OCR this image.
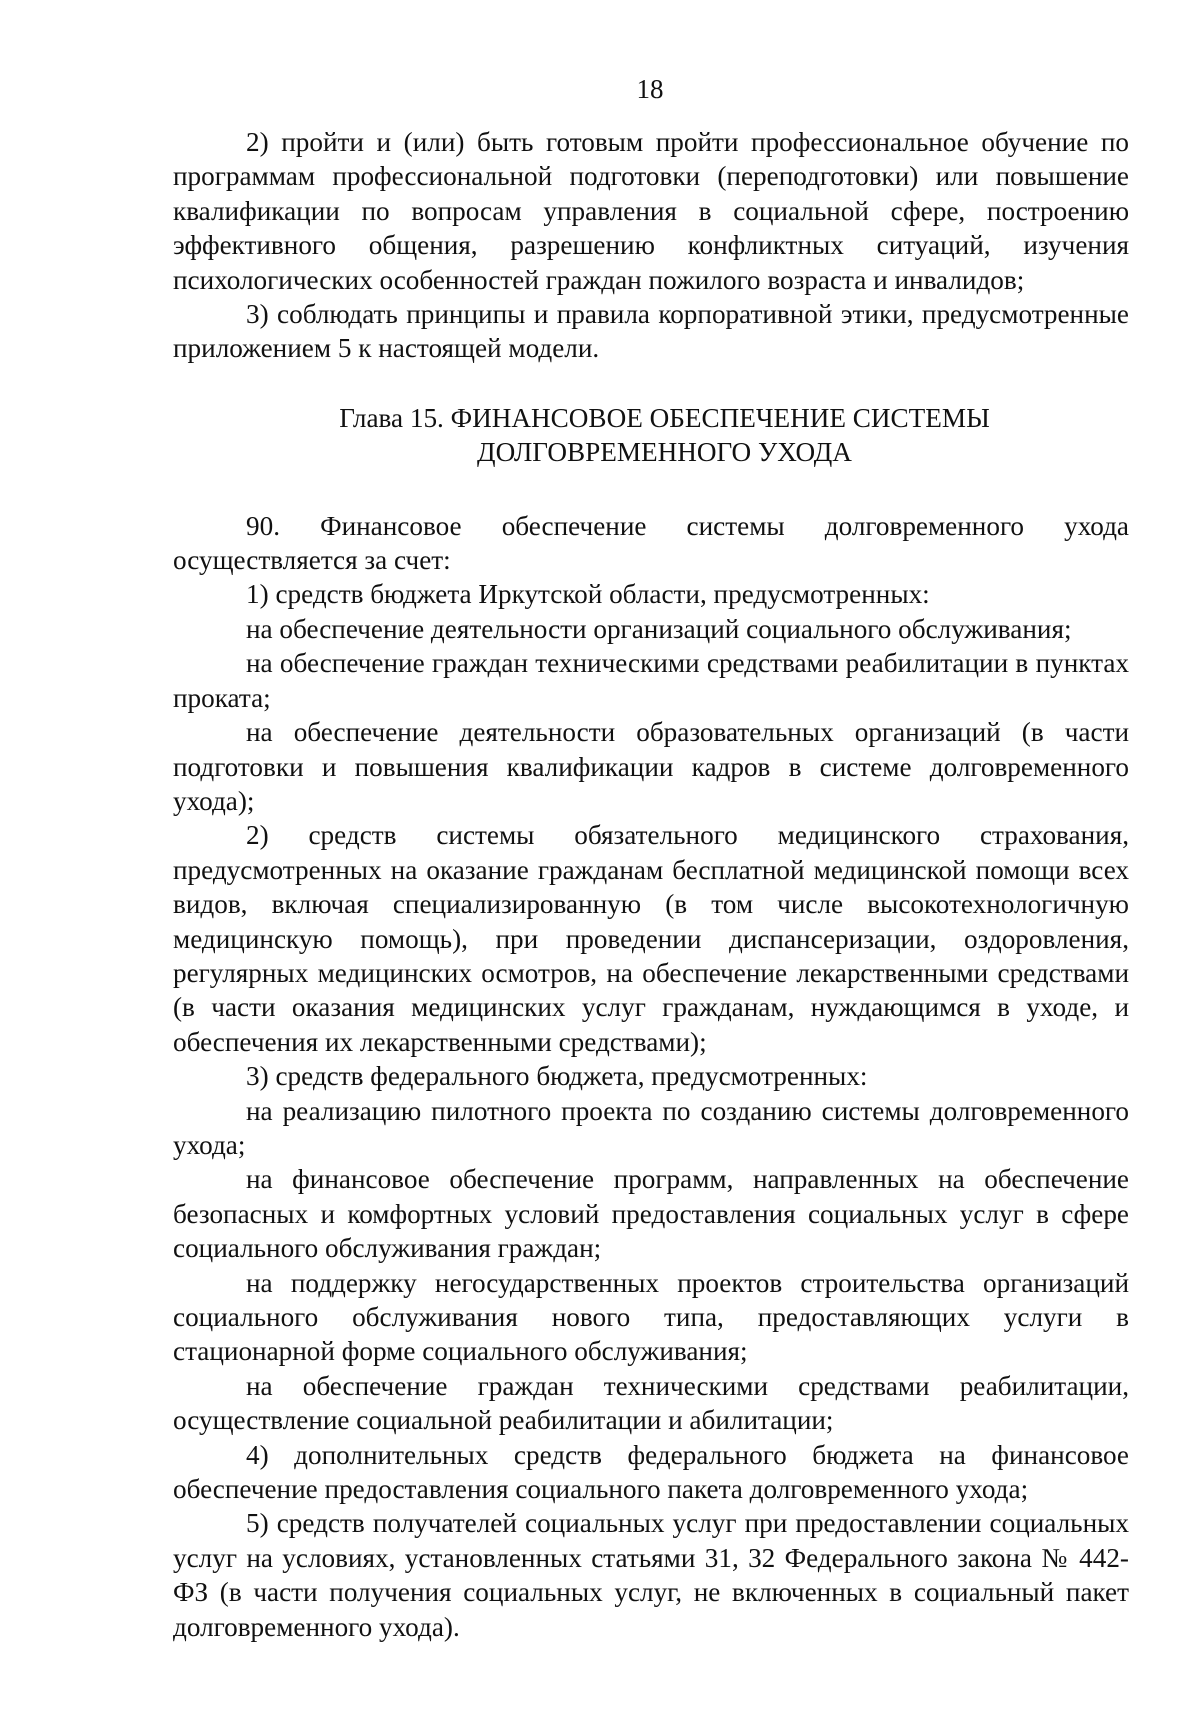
18

2) пройти и (или) быть готовым пройти профессиональное обучение по программам профессиональной подготовки (переподготовки) или повышение квалификации по вопросам управления в социальной сфере, построению эффективного общения, разрешению конфликтных ситуаций, изучения психологических особенностей граждан пожилого возраста и инвалидов;

3) соблюдать принципы и правила корпоративной этики, предусмотренные приложением 5 к настоящей модели.

Глава 15. ФИНАНСОВОЕ ОБЕСПЕЧЕНИЕ СИСТЕМЫ
ДОЛГОВРЕМЕННОГО УХОДА

90. Финансовое обеспечение системы долговременного ухода осуществляется за счет:

1) средств бюджета Иркутской области, предусмотренных:

на обеспечение деятельности организаций социального обслуживания;

на обеспечение граждан техническими средствами реабилитации в пунктах проката;

на обеспечение деятельности образовательных организаций (в части подготовки и повышения квалификации кадров в системе долговременного ухода);

2) средств системы обязательного медицинского страхования, предусмотренных на оказание гражданам бесплатной медицинской помощи всех видов, включая специализированную (в том числе высокотехнологичную медицинскую помощь), при проведении диспансеризации, оздоровления, регулярных медицинских осмотров, на обеспечение лекарственными средствами (в части оказания медицинских услуг гражданам, нуждающимся в уходе, и обеспечения их лекарственными средствами);

3) средств федерального бюджета, предусмотренных:

на реализацию пилотного проекта по созданию системы долговременного ухода;

на финансовое обеспечение программ, направленных на обеспечение безопасных и комфортных условий предоставления социальных услуг в сфере социального обслуживания граждан;

на поддержку негосударственных проектов строительства организаций социального обслуживания нового типа, предоставляющих услуги в стационарной форме социального обслуживания;

на обеспечение граждан техническими средствами реабилитации, осуществление социальной реабилитации и абилитации;

4) дополнительных средств федерального бюджета на финансовое обеспечение предоставления социального пакета долговременного ухода;

5) средств получателей социальных услуг при предоставлении социальных услуг на условиях, установленных статьями 31, 32 Федерального закона № 442-ФЗ (в части получения социальных услуг, не включенных в социальный пакет долговременного ухода).
